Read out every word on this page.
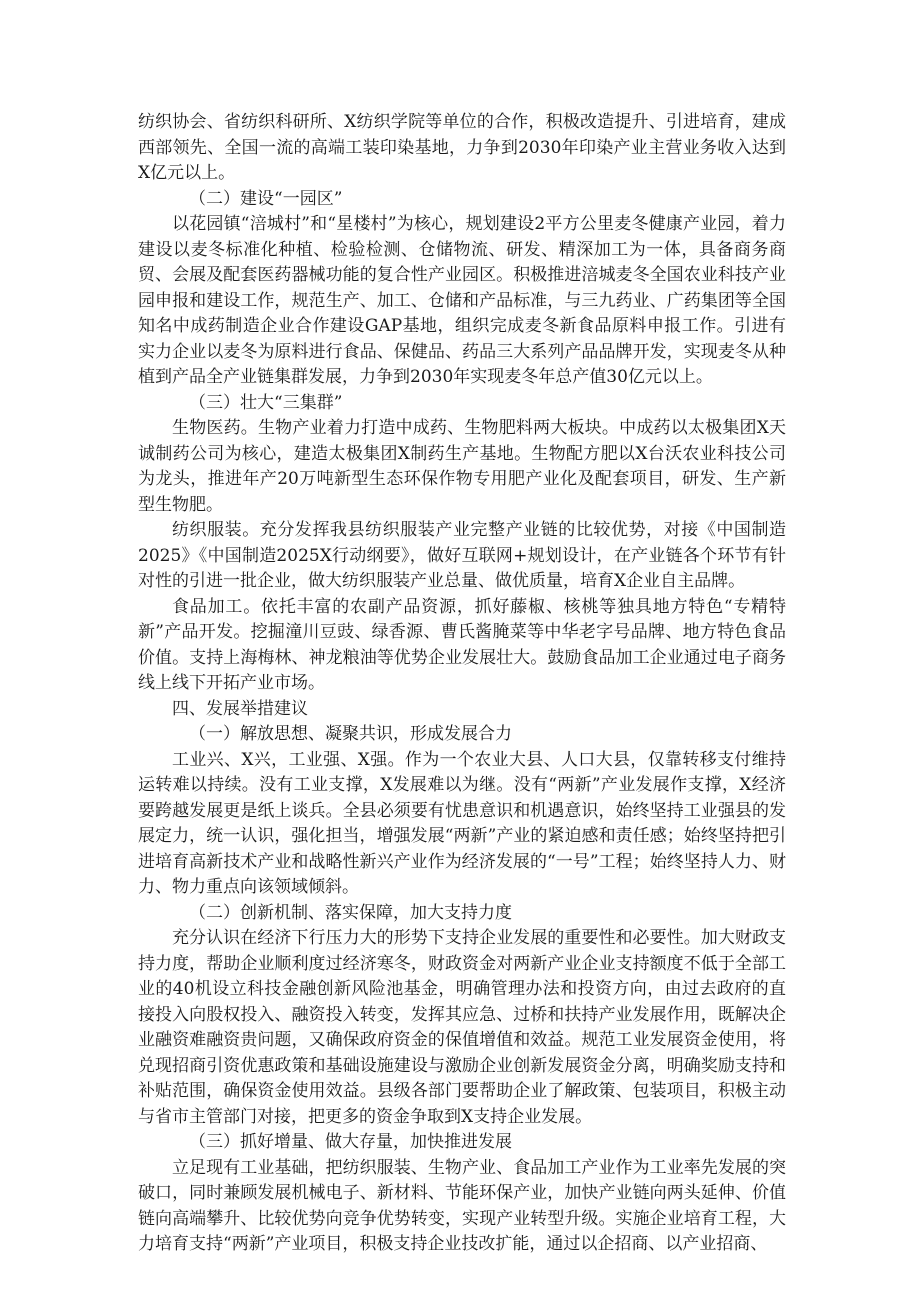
纺织协会、省纺织科研所、X纺织学院等单位的合作，积极改造提升、引进培育，建成西部领先、全国一流的高端工装印染基地，力争到2030年印染产业主营业务收入达到X亿元以上。

（二）建设“一园区”

以花园镇“涪城村”和“星楼村”为核心，规划建设2平方公里麦冬健康产业园，着力建设以麦冬标准化种植、检验检测、仓储物流、研发、精深加工为一体，具备商务商贸、会展及配套医药器械功能的复合性产业园区。积极推进涪城麦冬全国农业科技产业园申报和建设工作，规范生产、加工、仓储和产品标准，与三九药业、广药集团等全国知名中成药制造企业合作建设GAP基地，组织完成麦冬新食品原料申报工作。引进有实力企业以麦冬为原料进行食品、保健品、药品三大系列产品品牌开发，实现麦冬从种植到产品全产业链集群发展，力争到2030年实现麦冬年总产值30亿元以上。

（三）壮大“三集群”

生物医药。生物产业着力打造中成药、生物肥料两大板块。中成药以太极集团X天诚制药公司为核心，建造太极集团X制药生产基地。生物配方肥以X台沃农业科技公司为龙头，推进年产20万吨新型生态环保作物专用肥产业化及配套项目，研发、生产新型生物肥。

纺织服装。充分发挥我县纺织服装产业完整产业链的比较优势，对接《中国制造2025》《中国制造2025X行动纲要》，做好互联网+规划设计，在产业链各个环节有针对性的引进一批企业，做大纺织服装产业总量、做优质量，培育X企业自主品牌。

食品加工。依托丰富的农副产品资源，抓好藤椒、核桃等独具地方特色“专精特新”产品开发。挖掘潼川豆豉、绿香源、曹氏酱腌菜等中华老字号品牌、地方特色食品价值。支持上海梅林、神龙粮油等优势企业发展壮大。鼓励食品加工企业通过电子商务线上线下开拓产业市场。

四、发展举措建议

（一）解放思想、凝聚共识，形成发展合力

工业兴、X兴，工业强、X强。作为一个农业大县、人口大县，仅靠转移支付维持运转难以持续。没有工业支撑，X发展难以为继。没有“两新”产业发展作支撑，X经济要跨越发展更是纸上谈兵。全县必须要有忧患意识和机遇意识，始终坚持工业强县的发展定力，统一认识，强化担当，增强发展“两新”产业的紧迫感和责任感；始终坚持把引进培育高新技术产业和战略性新兴产业作为经济发展的“一号”工程；始终坚持人力、财力、物力重点向该领域倾斜。

（二）创新机制、落实保障，加大支持力度

充分认识在经济下行压力大的形势下支持企业发展的重要性和必要性。加大财政支持力度，帮助企业顺利度过经济寒冬，财政资金对两新产业企业支持额度不低于全部工业的40机设立科技金融创新风险池基金，明确管理办法和投资方向，由过去政府的直接投入向股权投入、融资投入转变，发挥其应急、过桥和扶持产业发展作用，既解决企业融资难融资贵问题，又确保政府资金的保值增值和效益。规范工业发展资金使用，将兑现招商引资优惠政策和基础设施建设与激励企业创新发展资金分离，明确奖励支持和补贴范围，确保资金使用效益。县级各部门要帮助企业了解政策、包装项目，积极主动与省市主管部门对接，把更多的资金争取到X支持企业发展。

（三）抓好增量、做大存量，加快推进发展

立足现有工业基础，把纺织服装、生物产业、食品加工产业作为工业率先发展的突破口，同时兼顾发展机械电子、新材料、节能环保产业，加快产业链向两头延伸、价值链向高端攀升、比较优势向竞争优势转变，实现产业转型升级。实施企业培育工程，大力培育支持“两新”产业项目，积极支持企业技改扩能，通过以企招商、以产业招商、
